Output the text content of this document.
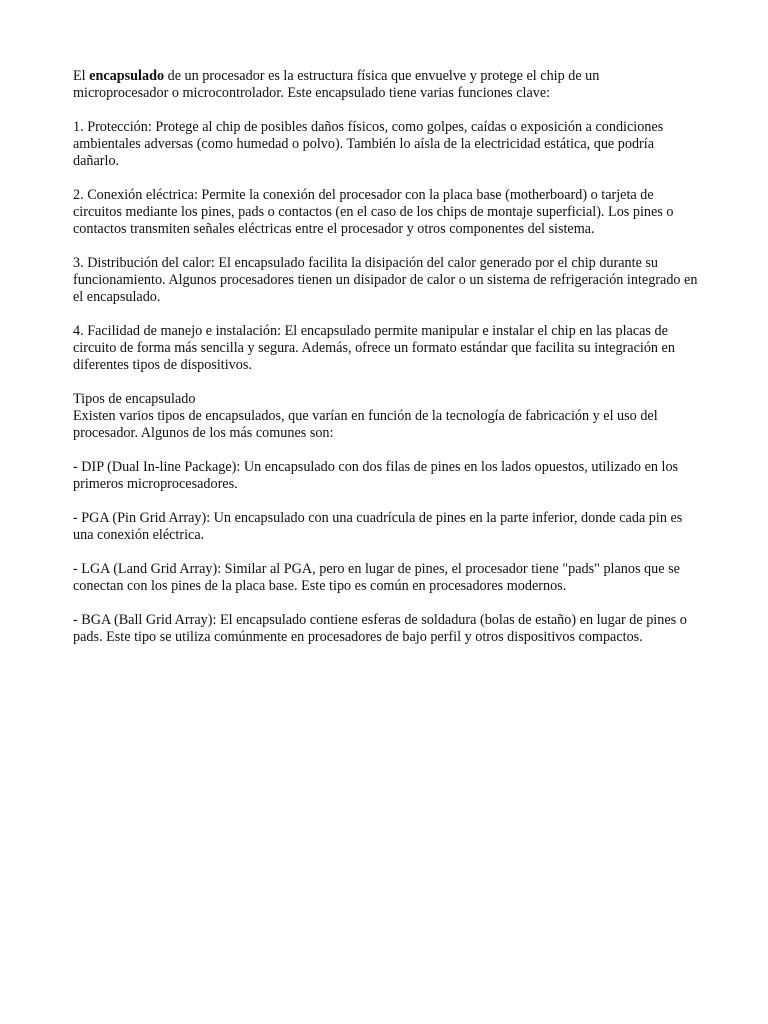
El encapsulado de un procesador es la estructura física que envuelve y protege el chip de un microprocesador o microcontrolador. Este encapsulado tiene varias funciones clave:

1. Protección: Protege al chip de posibles daños físicos, como golpes, caídas o exposición a condiciones ambientales adversas (como humedad o polvo). También lo aísla de la electricidad estática, que podría dañarlo.

2. Conexión eléctrica: Permite la conexión del procesador con la placa base (motherboard) o tarjeta de circuitos mediante los pines, pads o contactos (en el caso de los chips de montaje superficial). Los pines o contactos transmiten señales eléctricas entre el procesador y otros componentes del sistema.

3. Distribución del calor: El encapsulado facilita la disipación del calor generado por el chip durante su funcionamiento. Algunos procesadores tienen un disipador de calor o un sistema de refrigeración integrado en el encapsulado.

4. Facilidad de manejo e instalación: El encapsulado permite manipular e instalar el chip en las placas de circuito de forma más sencilla y segura. Además, ofrece un formato estándar que facilita su integración en diferentes tipos de dispositivos.

Tipos de encapsulado

Existen varios tipos de encapsulados, que varían en función de la tecnología de fabricación y el uso del procesador. Algunos de los más comunes son:

- DIP (Dual In-line Package): Un encapsulado con dos filas de pines en los lados opuestos, utilizado en los primeros microprocesadores.

- PGA (Pin Grid Array): Un encapsulado con una cuadrícula de pines en la parte inferior, donde cada pin es una conexión eléctrica.

- LGA (Land Grid Array): Similar al PGA, pero en lugar de pines, el procesador tiene "pads" planos que se conectan con los pines de la placa base. Este tipo es común en procesadores modernos.

- BGA (Ball Grid Array): El encapsulado contiene esferas de soldadura (bolas de estaño) en lugar de pines o pads. Este tipo se utiliza comúnmente en procesadores de bajo perfil y otros dispositivos compactos.
